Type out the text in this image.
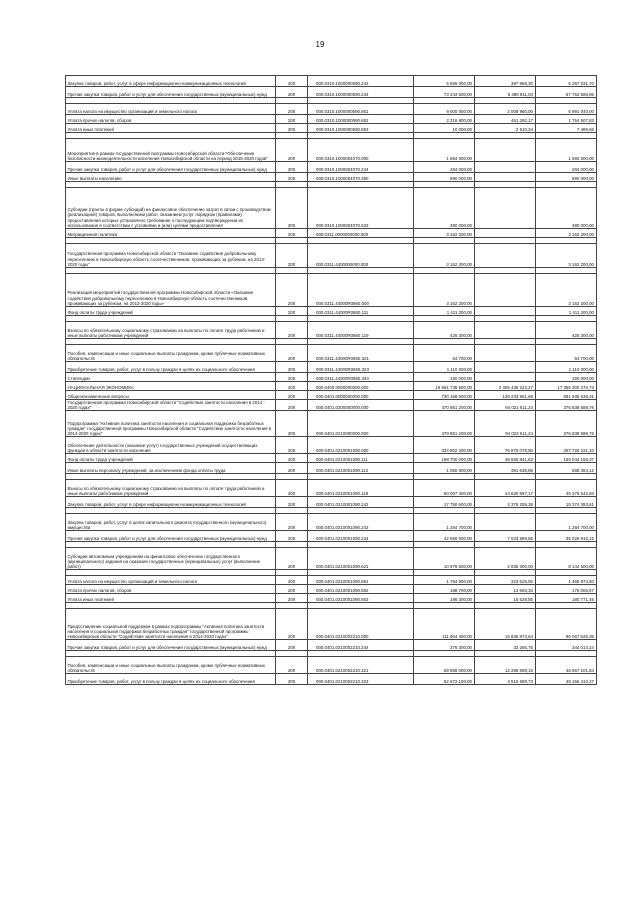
19
Закупка товаров, работ, услуг в сфере информационно-коммуникационных технологий	200	000.0310.1000000590.242	5 655 000,00	397 968,30	5 257 031,70
Прочая закупка товаров, работ и услуг для обеспечения государственных (муниципальных) нужд	200	000.0310.1000000590.244	73 243 500,00	5 489 911,04	67 753 588,96

Уплата налога на имущество организаций и земельного налога	200	000.0310.1000000590.851	9 000 000,00	2 008 960,00	6 991 040,00
Уплата прочих налогов, сборов	200	000.0310.1000000590.852	2 216 800,00	461 292,17	1 754 507,83
Уплата иных платежей	200	000.0310.1000000590.853	10 000,00	2 510,34	7 489,66

Мероприятия в рамках государственной программы Новосибирской области "Обеспечение безопасности жизнедеятельности населения Новосибирской области на период 2015-2020 годов"	200	000.0310.1000004070.000	1 684 000,00		1 684 000,00
Прочая закупка товаров, работ и услуг для обеспечения государственных (муниципальных) нужд	200	000.0310.1000004070.244	284 000,00		284 000,00
Иные выплаты населению	200	000.0310.1000004070.360	890 000,00		890 000,00

Субсидии (гранты в форме субсидий) на финансовое обеспечение затрат в связи с производством (реализацией) товаров, выполнением работ, оказанием услуг, порядком (правилами) предоставления которых установлено требование о последующем подтверждении их использования в соответствии с условиями и (или) целями предоставления	200	000.0310.1000004070.633	380 000,00		380 000,00
Миграционная политика	200	000.0311.0000000000.000	3 162 200,00		3 162 200,00

Государственная программа Новосибирской области "Оказание содействия добровольному переселению в Новосибирскую область соотечественников, проживающих за рубежом, на 2013-2020 годы"	200	000.0311.4400000000.000	3 162 200,00		3 162 200,00

Реализация мероприятий государственной программы Новосибирской области «Оказание содействия добровольному переселению в Новосибирскую область соотечественников, проживающих за рубежом, на 2013-2020 годы»	200	000.0311.44000R0860.000	3 162 200,00		3 162 200,00
Фонд оплаты труда учреждений	200	000.0311.44000R0860.111	1 411 200,00		1 411 200,00

Взносы по обязательному социальному страхованию на выплаты по оплате труда работников и иные выплаты работникам учреждений	200	000.0311.44000R0860.119	426 300,00		426 300,00

Пособия, компенсации и иные социальные выплаты гражданам, кроме публичных нормативных обязательств	200	000.0311.44000R0860.321	64 700,00		64 700,00
Приобретение товаров, работ, услуг в пользу граждан в целях их социального обеспечения	200	000.0311.44000R0860.323	1 110 000,00		1 110 000,00
Стипендии	200	000.0311.44000R0860.340	150 000,00		150 000,00
НАЦИОНАЛЬНАЯ ЭКОНОМИКА	200	000.0400.0000000000.000	19 661 735 500,00	2 305 435 223,27	17 356 300 276,73
Общеэкономические вопросы	200	000.0401.0000000000.000	730 169 600,00	138 233 961,69	591 935 638,31
Государственная программа Новосибирской области "Содействие занятости населения в 2014 - 2020 годах"	200	000.0401.0200000000.000	470 861 200,00	94 022 611,24	376 838 588,76
Подпрограмма "Активная политика занятости населения и социальная поддержка безработных граждан" государственной программы Новосибирской области "Содействие занятости населения в 2014-2020 годах"	200	000.0401.0210000000.000	470 861 200,00	94 022 611,24	376 838 588,76
Обеспечение деятельности (оказание услуг) государственных учреждений осуществляющих функции в области занятости населения	200	000.0401.0210001090.000	334 802 300,00	76 876 078,90	257 726 221,10
Фонд оплаты труда учреждений	200	000.0401.0210001090.111	198 700 000,00	48 655 841,63	150 044 158,37
Иные выплаты персоналу учреждений, за исключением фонда оплаты труда	200	000.0401.0210001090.112	1 050 000,00	391 635,88	658 364,12

Взносы по обязательному социальному страхованию на выплаты по оплате труда работников и иные выплаты работникам учреждений	200	000.0401.0210001090.119	60 007 400,00	14 630 857,17	45 376 542,83
Закупка товаров, работ, услуг в сфере информационно-коммуникационных технологий	200	000.0401.0210001090.242	17 750 600,00	2 376 206,39	15 374 393,61

Закупка товаров, работ, услуг в целях капитального ремонта государственного (муниципального) имущества	200	000.0401.0210001090.243	1 284 700,00		1 284 700,00
Прочая закупка товаров, работ и услуг для обеспечения государственных (муниципальных) нужд	200	000.0401.0210001090.244	42 660 600,00	7 633 689,85	35 026 910,15

Субсидии автономным учреждениям на финансовое обеспечение государственного (муниципального) задания на оказание государственных (муниципальных) услуг (выполнение работ)	200	000.0401.0210001090.621	10 979 500,00	2 835 000,00	8 144 500,00

Уплата налога на имущество организаций и земельного налога	200	000.0401.0210001090.851	1 784 500,00	323 625,50	1 460 874,50
Уплата прочих налогов, сборов	200	000.0401.0210001090.852	188 700,00	13 693,33	175 006,67
Уплата иных платежей	200	000.0401.0210001090.853	196 300,00	15 528,55	180 771,45

Предоставление социальной поддержки в рамках подпрограммы "Активная политика занятости населения и социальная поддержка безработных граждан" государственной программы Новосибирской области "Содействие занятости населения в 2014-2020 годах"	200	000.0401.0210002210.000	111 904 400,00	15 836 873,64	96 067 526,36
Прочая закупка товаров, работ и услуг для обеспечения государственных (муниципальных) нужд	200	000.0401.0210002210.244	376 300,00	32 285,76	344 014,24

Пособия, компенсации и иные социальные выплаты гражданам, кроме публичных нормативных обязательств	200	000.0401.0210002210.321	58 856 000,00	12 288 898,16	46 567 101,84
Приобретение товаров, работ, услуг в пользу граждан в целях их социального обеспечения	200	000.0401.0210002210.323	52 672 100,00	3 515 689,73	49 156 410,27
